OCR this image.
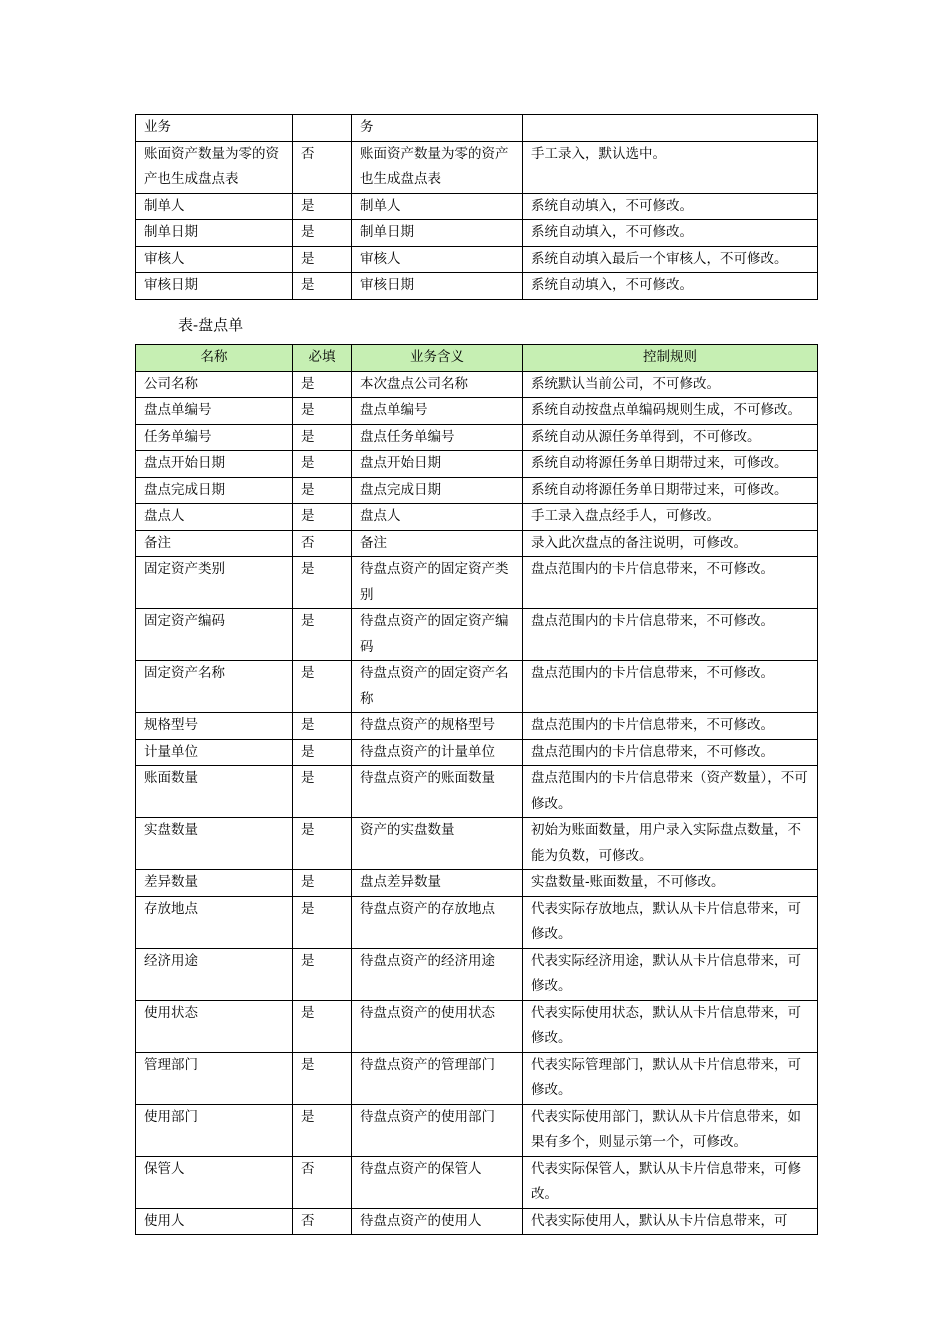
业务		务	
账面资产数量为零的资产也生成盘点表	否	账面资产数量为零的资产也生成盘点表	手工录入，默认选中。
制单人	是	制单人	系统自动填入，不可修改。
制单日期	是	制单日期	系统自动填入，不可修改。
审核人	是	审核人	系统自动填入最后一个审核人，不可修改。
审核日期	是	审核日期	系统自动填入，不可修改。
表-盘点单
名称	必填	业务含义	控制规则
公司名称	是	本次盘点公司名称	系统默认当前公司，不可修改。
盘点单编号	是	盘点单编号	系统自动按盘点单编码规则生成，不可修改。
任务单编号	是	盘点任务单编号	系统自动从源任务单得到，不可修改。
盘点开始日期	是	盘点开始日期	系统自动将源任务单日期带过来，可修改。
盘点完成日期	是	盘点完成日期	系统自动将源任务单日期带过来，可修改。
盘点人	是	盘点人	手工录入盘点经手人，可修改。
备注	否	备注	录入此次盘点的备注说明，可修改。
固定资产类别	是	待盘点资产的固定资产类别	盘点范围内的卡片信息带来，不可修改。
固定资产编码	是	待盘点资产的固定资产编码	盘点范围内的卡片信息带来，不可修改。
固定资产名称	是	待盘点资产的固定资产名称	盘点范围内的卡片信息带来，不可修改。
规格型号	是	待盘点资产的规格型号	盘点范围内的卡片信息带来，不可修改。
计量单位	是	待盘点资产的计量单位	盘点范围内的卡片信息带来，不可修改。
账面数量	是	待盘点资产的账面数量	盘点范围内的卡片信息带来（资产数量），不可修改。
实盘数量	是	资产的实盘数量	初始为账面数量，用户录入实际盘点数量，不能为负数，可修改。
差异数量	是	盘点差异数量	实盘数量-账面数量，不可修改。
存放地点	是	待盘点资产的存放地点	代表实际存放地点，默认从卡片信息带来，可修改。
经济用途	是	待盘点资产的经济用途	代表实际经济用途，默认从卡片信息带来，可修改。
使用状态	是	待盘点资产的使用状态	代表实际使用状态，默认从卡片信息带来，可修改。
管理部门	是	待盘点资产的管理部门	代表实际管理部门，默认从卡片信息带来，可修改。
使用部门	是	待盘点资产的使用部门	代表实际使用部门，默认从卡片信息带来，如果有多个，则显示第一个，可修改。
保管人	否	待盘点资产的保管人	代表实际保管人，默认从卡片信息带来，可修改。
使用人	否	待盘点资产的使用人	代表实际使用人，默认从卡片信息带来，可
